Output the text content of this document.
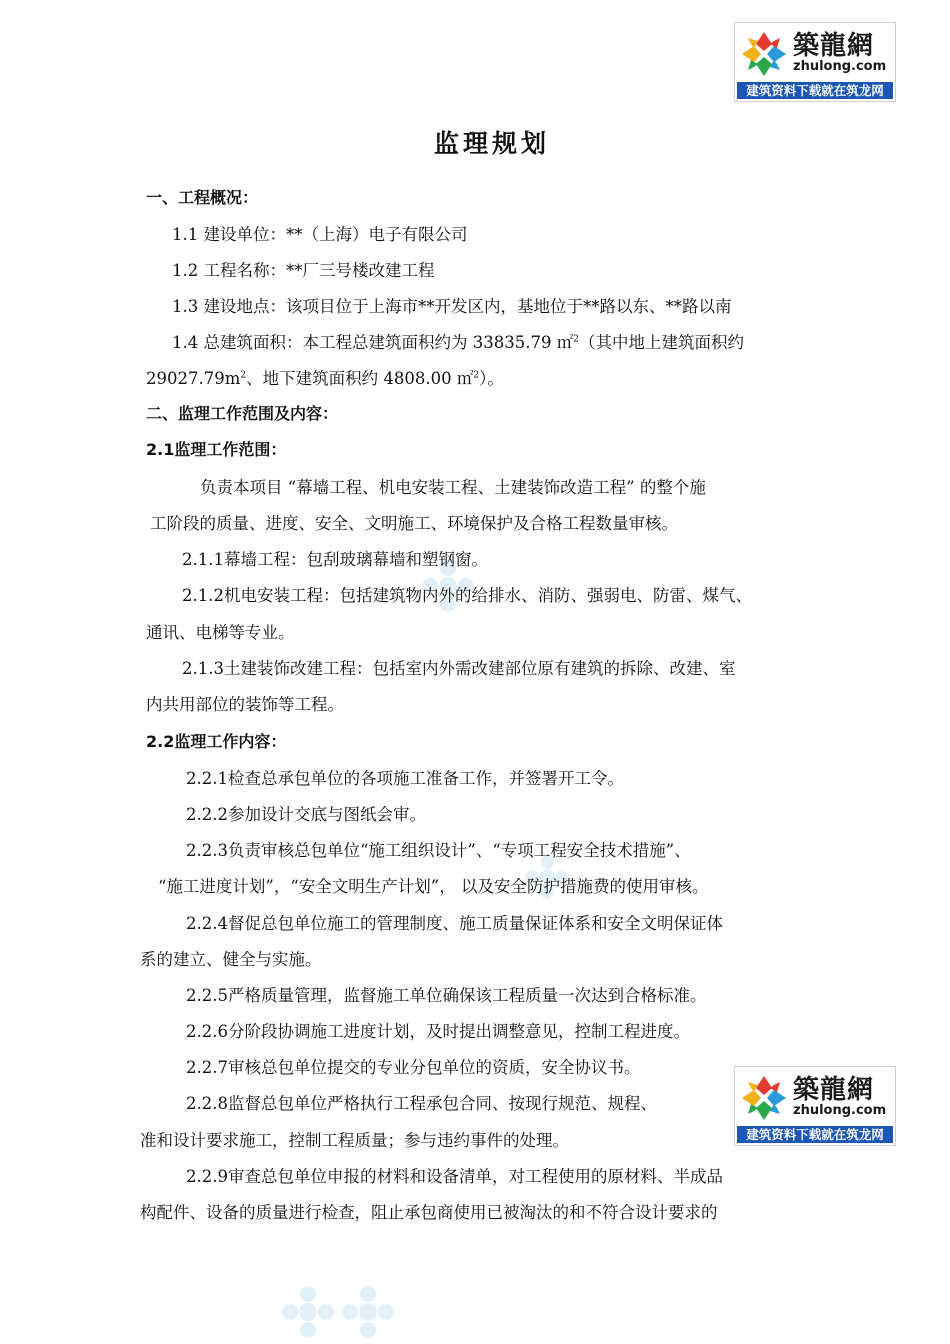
築龍網
zhulong.com
建筑资料下载就在筑龙网
築龍網
zhulong.com
建筑资料下载就在筑龙网
监理规划

一、工程概况：

1.1 建设单位：**（上海）电子有限公司

1.2 工程名称：**厂三号楼改建工程

1.3 建设地点：该项目位于上海市**开发区内，基地位于**路以东、**路以南

1.4 总建筑面积：本工程总建筑面积约为 33835.79 ㎡$^2$（其中地上建筑面积约

$29027.79m^2$、地下建筑面积约 4808.00 ㎡$^2$）。

二、监理工作范围及内容：

2.1监理工作范围：

负责本项目 “幕墙工程、机电安装工程、土建装饰改造工程” 的整个施

工阶段的质量、进度、安全、文明施工、环境保护及合格工程数量审核。

2.1.1幕墙工程：包刮玻璃幕墙和塑钢窗。

2.1.2机电安装工程：包括建筑物内外的给排水、消防、强弱电、防雷、煤气、

通讯、电梯等专业。

2.1.3土建装饰改建工程：包括室内外需改建部位原有建筑的拆除、改建、室

内共用部位的装饰等工程。

2.2监理工作内容：

2.2.1检查总承包单位的各项施工准备工作，并签署开工令。

2.2.2参加设计交底与图纸会审。

2.2.3负责审核总包单位“施工组织设计”、“专项工程安全技术措施”、

“施工进度计划”，“安全文明生产计划”， 以及安全防护措施费的使用审核。

2.2.4督促总包单位施工的管理制度、施工质量保证体系和安全文明保证体

系的建立、健全与实施。

2.2.5严格质量管理，监督施工单位确保该工程质量一次达到合格标准。

2.2.6分阶段协调施工进度计划，及时提出调整意见，控制工程进度。

2.2.7审核总包单位提交的专业分包单位的资质，安全协议书。

2.2.8监督总包单位严格执行工程承包合同、按现行规范、规程、

准和设计要求施工，控制工程质量；参与违约事件的处理。

2.2.9审查总包单位申报的材料和设备清单，对工程使用的原材料、半成品

构配件、设备的质量进行检查，阻止承包商使用已被淘汰的和不符合设计要求的
